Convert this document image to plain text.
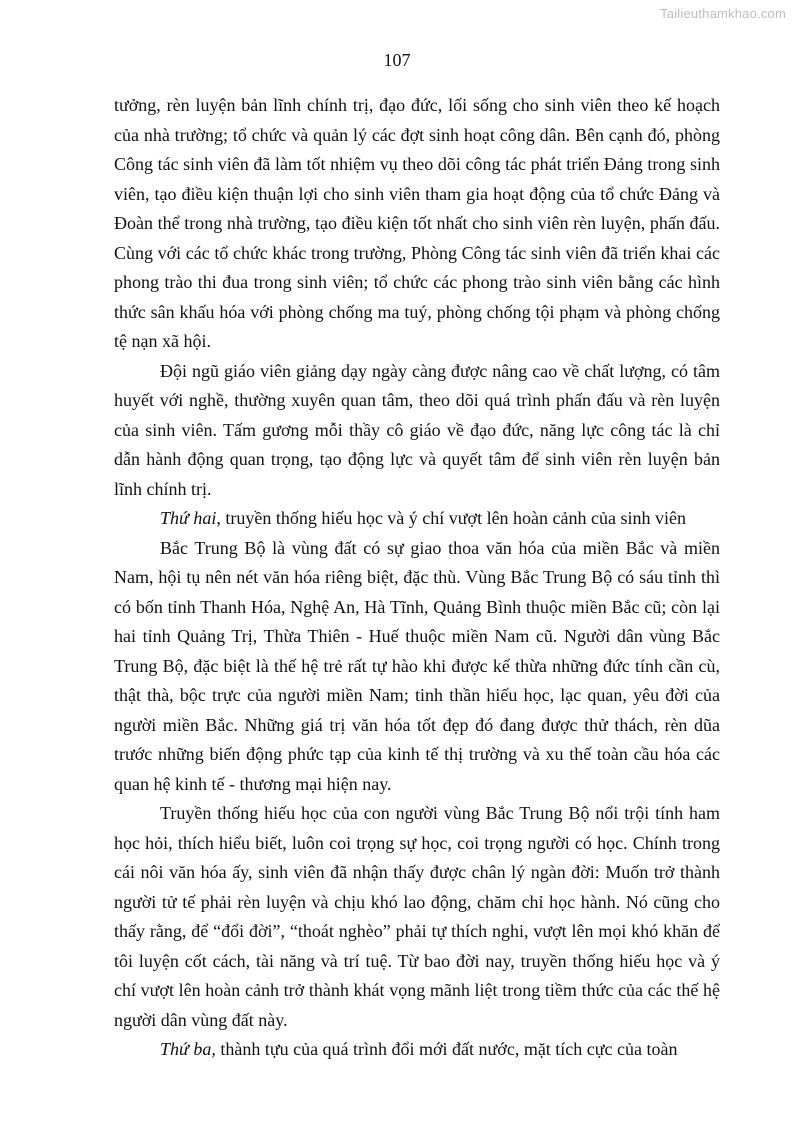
Tailieuthamkhao.com
107

tưởng, rèn luyện bản lĩnh chính trị, đạo đức, lối sống cho sinh viên theo kế hoạch của nhà trường; tổ chức và quản lý các đợt sinh hoạt công dân. Bên cạnh đó, phòng Công tác sinh viên đã làm tốt nhiệm vụ theo dõi công tác phát triển Đảng trong sinh viên, tạo điều kiện thuận lợi cho sinh viên tham gia hoạt động của tổ chức Đảng và Đoàn thể trong nhà trường, tạo điều kiện tốt nhất cho sinh viên rèn luyện, phấn đấu. Cùng với các tổ chức khác trong trường, Phòng Công tác sinh viên đã triển khai các phong trào thi đua trong sinh viên; tổ chức các phong trào sinh viên bằng các hình thức sân khấu hóa với phòng chống ma tuý, phòng chống tội phạm và phòng chống tệ nạn xã hội.

Đội ngũ giáo viên giảng dạy ngày càng được nâng cao về chất lượng, có tâm huyết với nghề, thường xuyên quan tâm, theo dõi quá trình phấn đấu và rèn luyện của sinh viên. Tấm gương mỗi thầy cô giáo về đạo đức, năng lực công tác là chỉ dẫn hành động quan trọng, tạo động lực và quyết tâm để sinh viên rèn luyện bản lĩnh chính trị.

Thứ hai, truyền thống hiếu học và ý chí vượt lên hoàn cảnh của sinh viên

Bắc Trung Bộ là vùng đất có sự giao thoa văn hóa của miền Bắc và miền Nam, hội tụ nên nét văn hóa riêng biệt, đặc thù. Vùng Bắc Trung Bộ có sáu tỉnh thì có bốn tỉnh Thanh Hóa, Nghệ An, Hà Tĩnh, Quảng Bình thuộc miền Bắc cũ; còn lại hai tỉnh Quảng Trị, Thừa Thiên - Huế thuộc miền Nam cũ. Người dân vùng Bắc Trung Bộ, đặc biệt là thế hệ trẻ rất tự hào khi được kế thừa những đức tính cần cù, thật thà, bộc trực của người miền Nam; tinh thần hiếu học, lạc quan, yêu đời của người miền Bắc. Những giá trị văn hóa tốt đẹp đó đang được thử thách, rèn dũa trước những biến động phức tạp của kinh tế thị trường và xu thế toàn cầu hóa các quan hệ kinh tế - thương mại hiện nay.

Truyền thống hiếu học của con người vùng Bắc Trung Bộ nổi trội tính ham học hỏi, thích hiểu biết, luôn coi trọng sự học, coi trọng người có học. Chính trong cái nôi văn hóa ấy, sinh viên đã nhận thấy được chân lý ngàn đời: Muốn trở thành người tử tế phải rèn luyện và chịu khó lao động, chăm chỉ học hành. Nó cũng cho thấy rằng, để “đổi đời”, “thoát nghèo” phải tự thích nghi, vượt lên mọi khó khăn để tôi luyện cốt cách, tài năng và trí tuệ. Từ bao đời nay, truyền thống hiếu học và ý chí vượt lên hoàn cảnh trở thành khát vọng mãnh liệt trong tiềm thức của các thế hệ người dân vùng đất này.

Thứ ba, thành tựu của quá trình đổi mới đất nước, mặt tích cực của toàn
